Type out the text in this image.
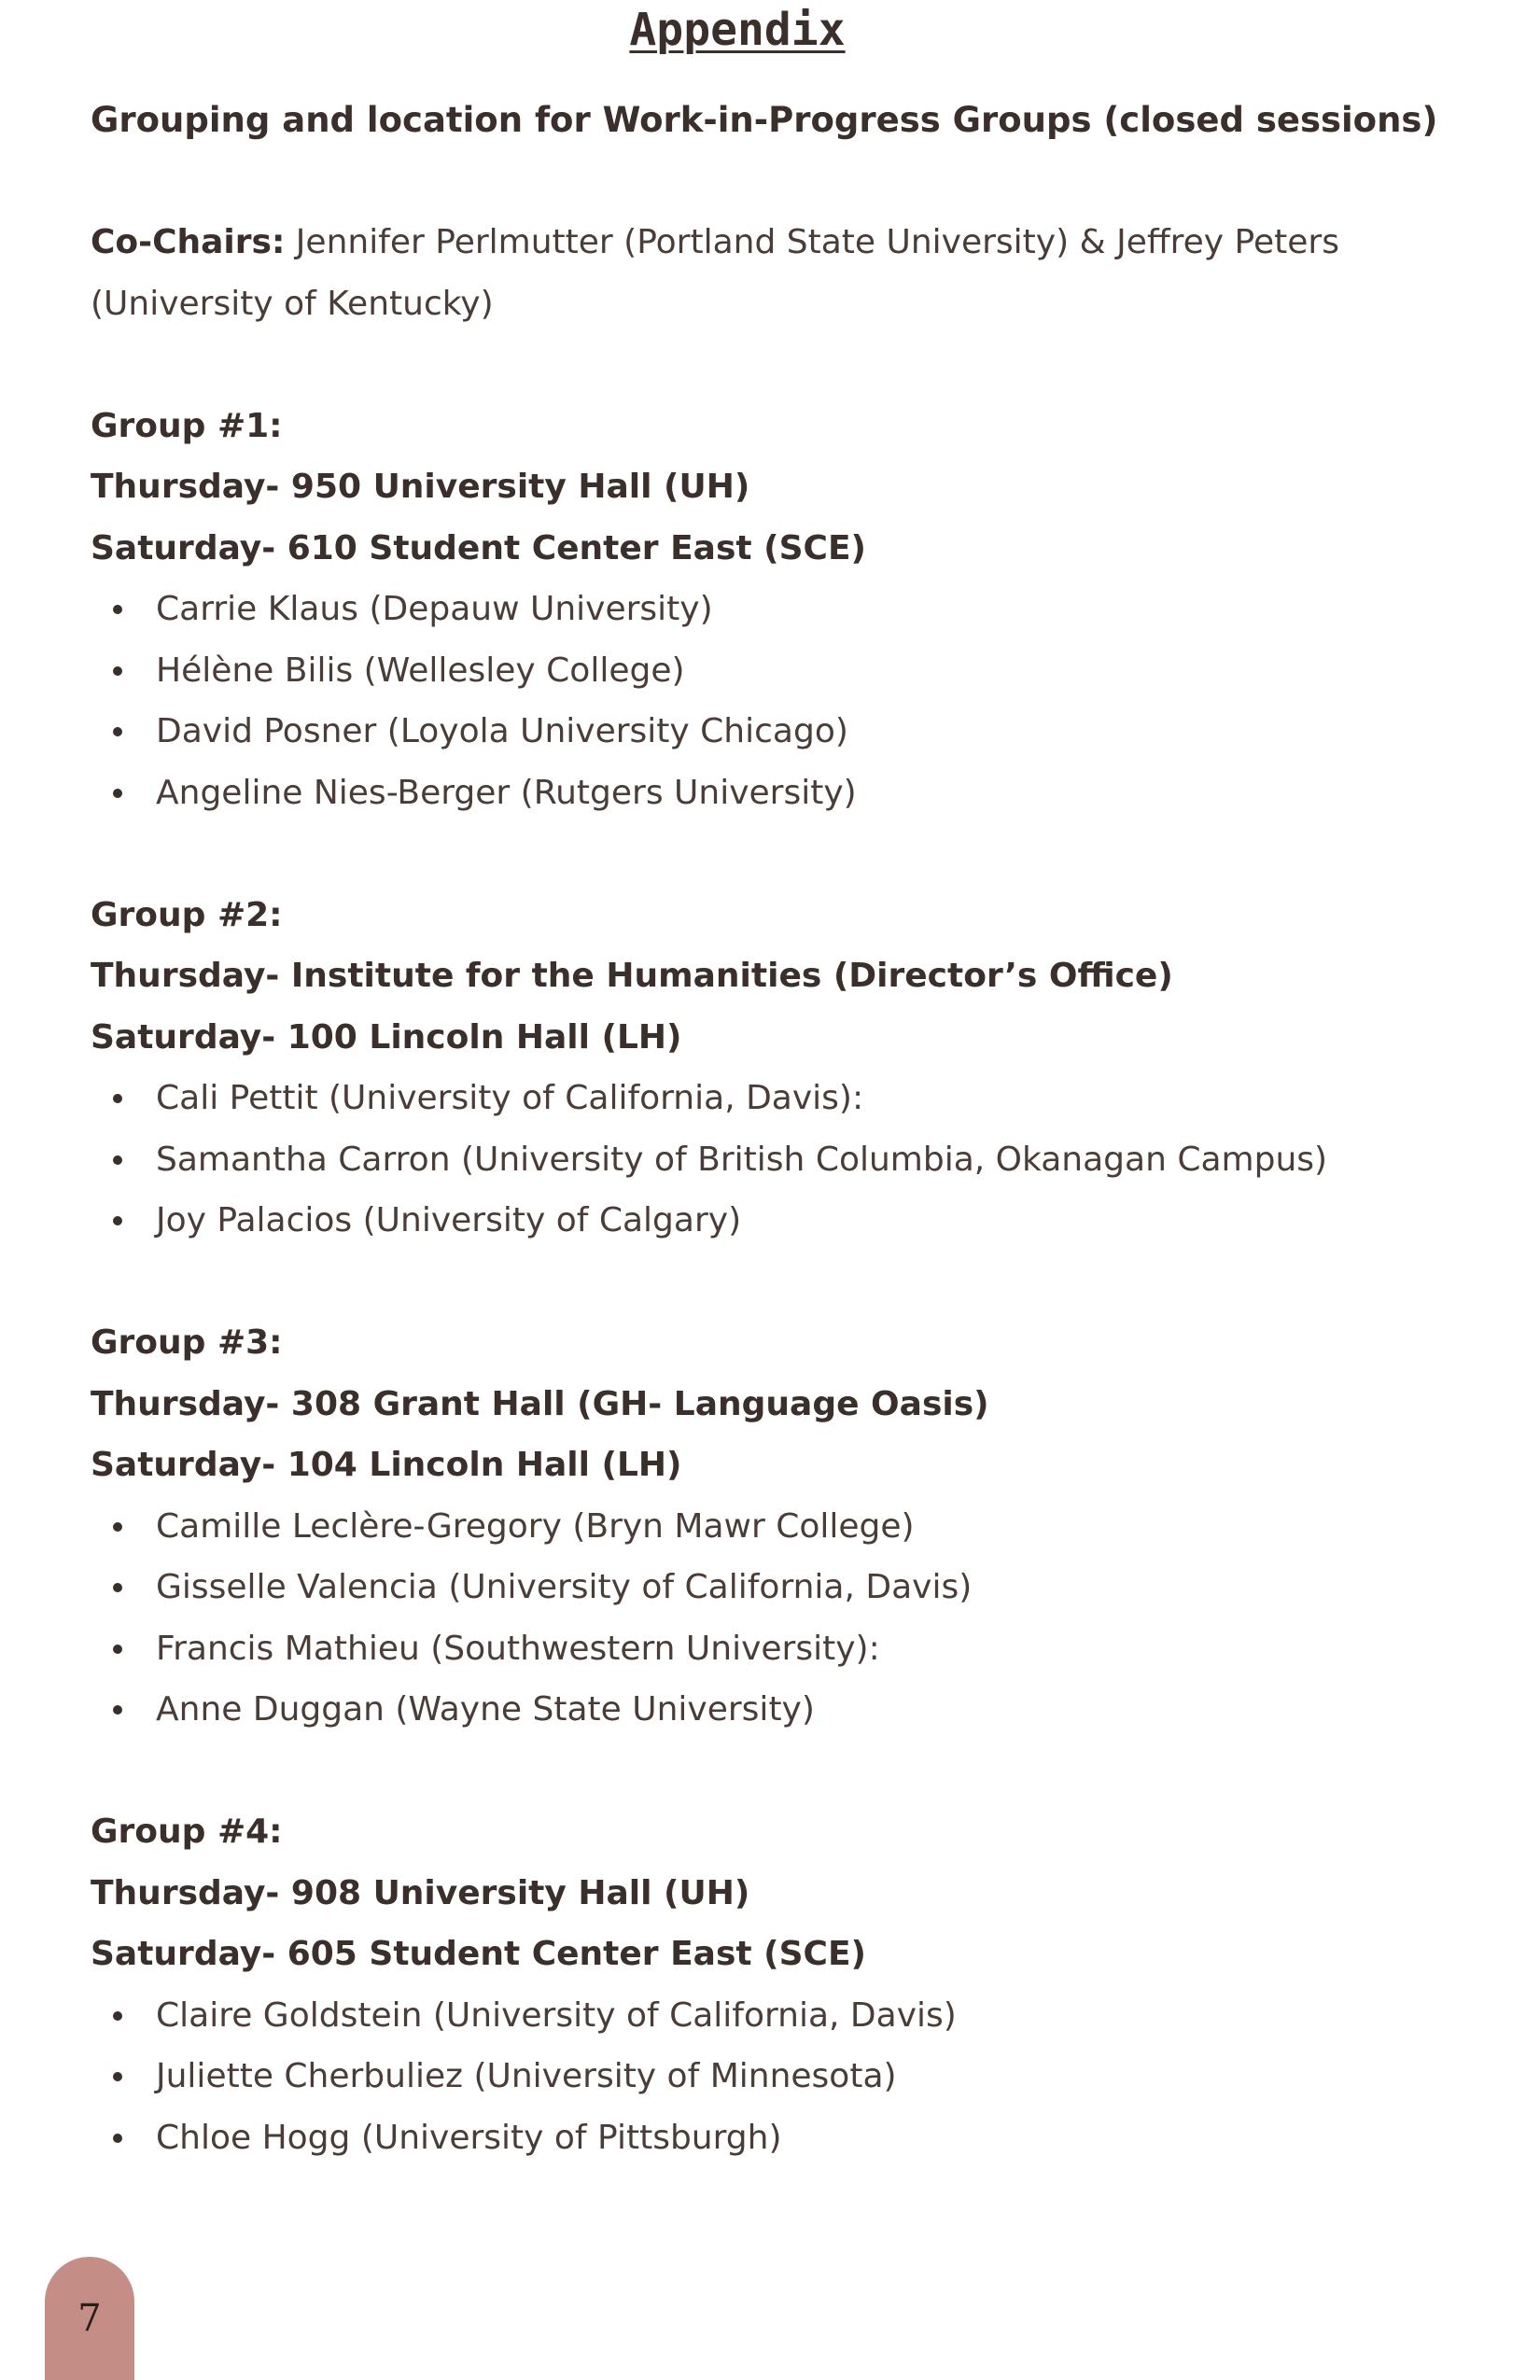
Appendix
Grouping and location for Work-in-Progress Groups (closed sessions)
Co-Chairs: Jennifer Perlmutter (Portland State University) & Jeffrey Peters
(University of Kentucky)
Group #1:
Thursday- 950 University Hall (UH)
Saturday- 610 Student Center East (SCE)
Carrie Klaus (Depauw University)
Hélène Bilis (Wellesley College)
David Posner (Loyola University Chicago)
Angeline Nies-Berger (Rutgers University)
Group #2:
Thursday- Institute for the Humanities (Director’s Office)
Saturday- 100 Lincoln Hall (LH)
Cali Pettit (University of California, Davis):
Samantha Carron (University of British Columbia, Okanagan Campus)
Joy Palacios (University of Calgary)
Group #3:
Thursday- 308 Grant Hall (GH- Language Oasis)
Saturday- 104 Lincoln Hall (LH)
Camille Leclère-Gregory (Bryn Mawr College)
Gisselle Valencia (University of California, Davis)
Francis Mathieu (Southwestern University):
Anne Duggan (Wayne State University)
Group #4:
Thursday- 908 University Hall (UH)
Saturday- 605 Student Center East (SCE)
Claire Goldstein (University of California, Davis)
Juliette Cherbuliez (University of Minnesota)
Chloe Hogg (University of Pittsburgh)
7
